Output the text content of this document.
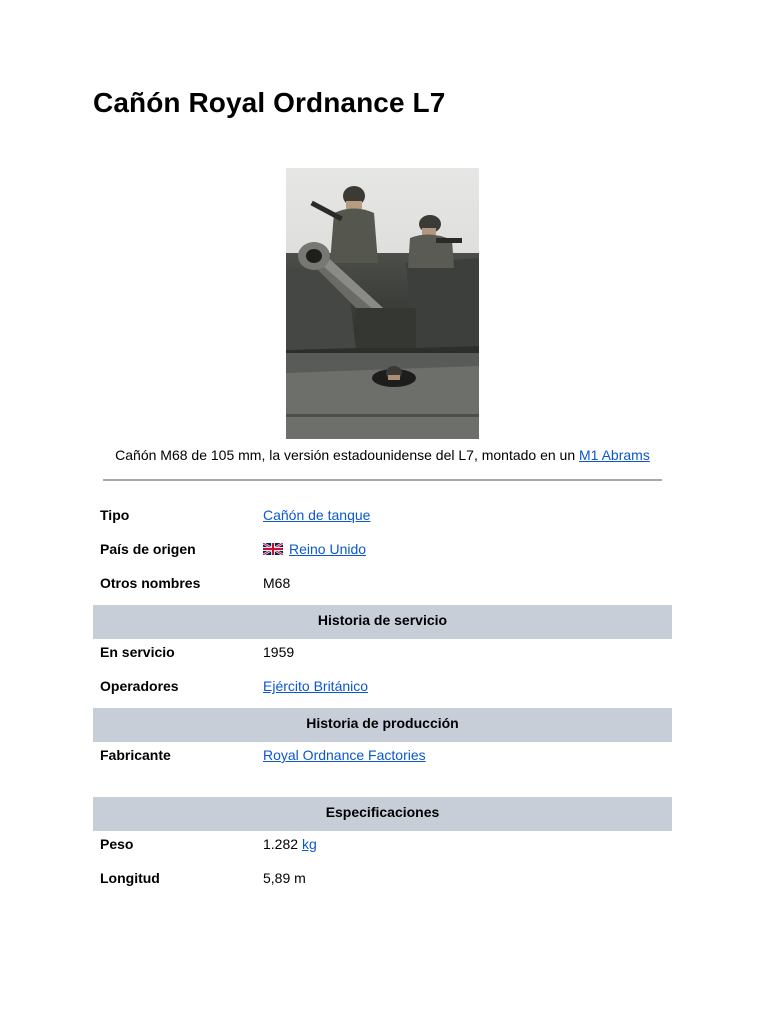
Cañón Royal Ordnance L7
Cañón M68 de 105 mm, la versión estadounidense del L7, montado en un M1 Abrams
Tipo	Cañón de tanque
País de origen	Reino Unido
Otros nombres	M68
Historia de servicio
En servicio	1959
Operadores	Ejército Británico
Historia de producción
Fabricante	Royal Ordnance Factories
Especificaciones
Peso	1.282 kg
Longitud	5,89 m
